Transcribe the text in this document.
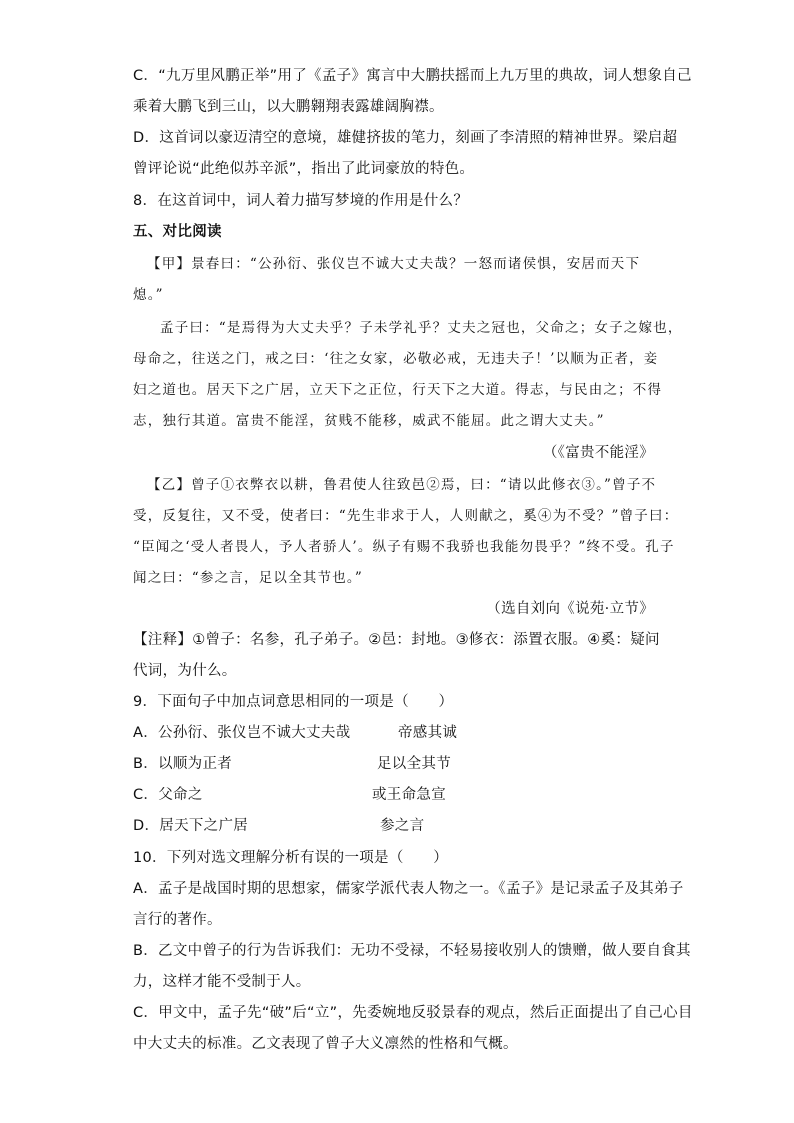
C．“九万里风鹏正举”用了《孟子》寓言中大鹏扶摇而上九万里的典故，词人想象自己
乘着大鹏飞到三山，以大鹏翱翔表露雄阔胸襟。
D．这首词以豪迈清空的意境，雄健挤拔的笔力，刻画了李清照的精神世界。梁启超
曾评论说“此绝似苏辛派”，指出了此词豪放的特色。
8．在这首词中，词人着力描写梦境的作用是什么？
五、对比阅读
【甲】景春曰：“公孙衍、张仪岂不诚大丈夫哉？一怒而诸侯惧，安居而天下
熄。”
孟子曰：“是焉得为大丈夫乎？子未学礼乎？丈夫之冠也，父命之；女子之嫁也，
母命之，往送之门，戒之曰：‘往之女家，必敬必戒，无违夫子！’以顺为正者，妾
妇之道也。居天下之广居，立天下之正位，行天下之大道。得志，与民由之；不得
志，独行其道。富贵不能淫，贫贱不能移，威武不能屈。此之谓大丈夫。”
（《富贵不能淫》
【乙】曾子①衣弊衣以耕，鲁君使人往致邑②焉，曰：“请以此修衣③。”曾子不
受，反复往，又不受，使者曰：“先生非求于人，人则献之，奚④为不受？”曾子曰：
“臣闻之‘受人者畏人，予人者骄人’。纵子有赐不我骄也我能勿畏乎？”终不受。孔子
闻之曰：“参之言，足以全其节也。”
（选自刘向《说苑·立节》
【注释】①曾子：名参，孔子弟子。②邑：封地。③修衣：添置衣服。④奚：疑问
代词，为什么。
9．下面句子中加点词意思相同的一项是（　　）
A．公孙衍、张仪岂不诚大丈夫哉	帝感其诚
B．以顺为正者	足以全其节
C．父命之	或王命急宣
D．居天下之广居	参之言
10．下列对选文理解分析有误的一项是（　　）
A．孟子是战国时期的思想家，儒家学派代表人物之一。《孟子》是记录孟子及其弟子
言行的著作。
B．乙文中曾子的行为告诉我们：无功不受禄，不轻易接收别人的馈赠，做人要自食其
力，这样才能不受制于人。
C．甲文中，孟子先“破”后“立”，先委婉地反驳景春的观点，然后正面提出了自己心目
中大丈夫的标准。乙文表现了曾子大义凛然的性格和气概。
